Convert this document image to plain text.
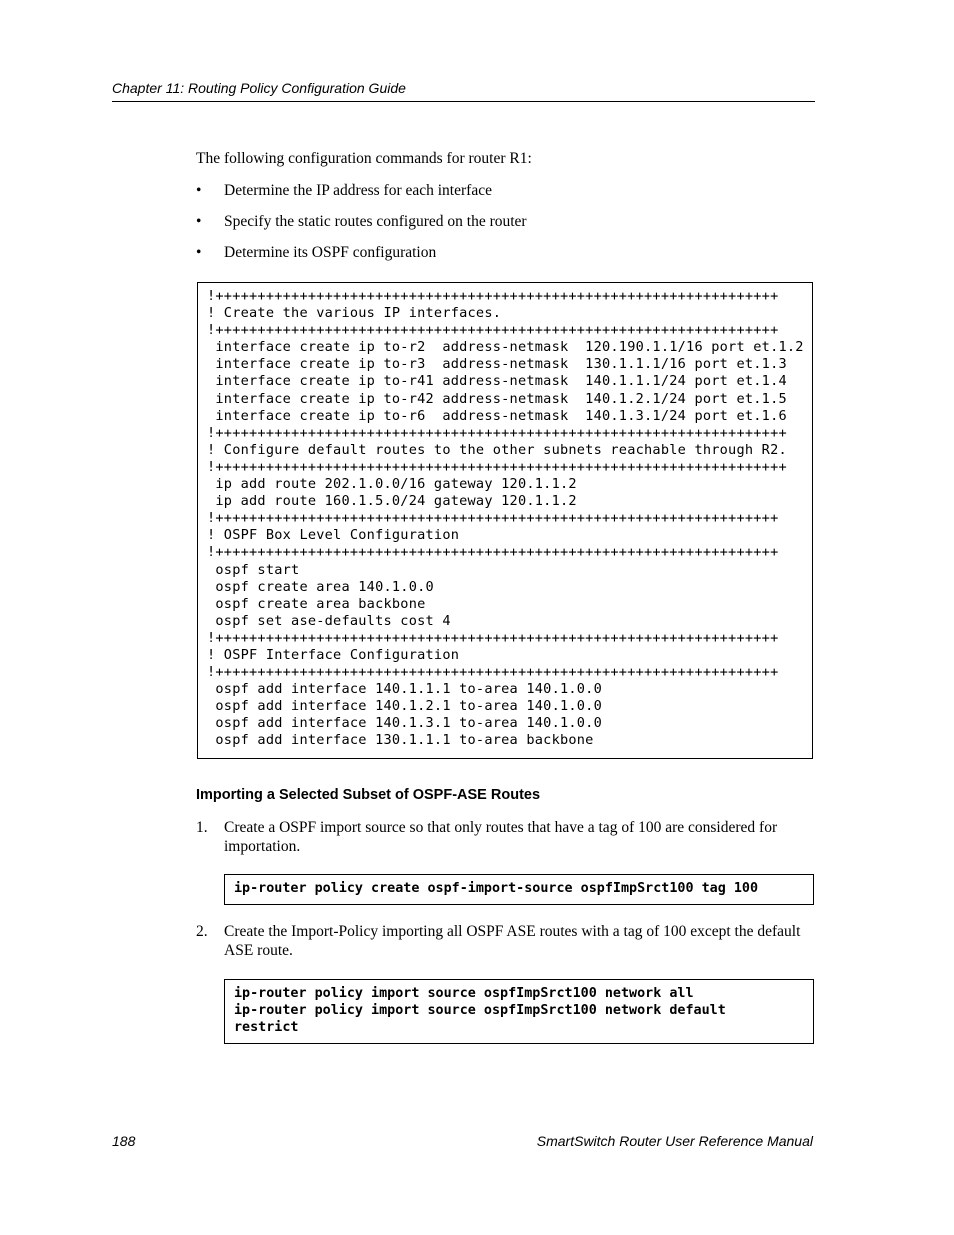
Chapter 11: Routing Policy Configuration Guide
The following configuration commands for router R1:
• Determine the IP address for each interface
• Specify the static routes configured on the router
• Determine its OSPF configuration
!+++++++++++++++++++++++++++++++++++++++++++++++++++++++++++++++++++
! Create the various IP interfaces.
!+++++++++++++++++++++++++++++++++++++++++++++++++++++++++++++++++++
interface create ip to-r2  address-netmask  120.190.1.1/16 port et.1.2
interface create ip to-r3  address-netmask  130.1.1.1/16 port et.1.3
interface create ip to-r41 address-netmask  140.1.1.1/24 port et.1.4
interface create ip to-r42 address-netmask  140.1.2.1/24 port et.1.5
interface create ip to-r6  address-netmask  140.1.3.1/24 port et.1.6
!++++++++++++++++++++++++++++++++++++++++++++++++++++++++++++++++++++
! Configure default routes to the other subnets reachable through R2.
!++++++++++++++++++++++++++++++++++++++++++++++++++++++++++++++++++++
ip add route 202.1.0.0/16 gateway 120.1.1.2
ip add route 160.1.5.0/24 gateway 120.1.1.2
!+++++++++++++++++++++++++++++++++++++++++++++++++++++++++++++++++++
! OSPF Box Level Configuration
!+++++++++++++++++++++++++++++++++++++++++++++++++++++++++++++++++++
ospf start
ospf create area 140.1.0.0
ospf create area backbone
ospf set ase-defaults cost 4
!+++++++++++++++++++++++++++++++++++++++++++++++++++++++++++++++++++
! OSPF Interface Configuration
!+++++++++++++++++++++++++++++++++++++++++++++++++++++++++++++++++++
ospf add interface 140.1.1.1 to-area 140.1.0.0
ospf add interface 140.1.2.1 to-area 140.1.0.0
ospf add interface 140.1.3.1 to-area 140.1.0.0
ospf add interface 130.1.1.1 to-area backbone
Importing a Selected Subset of OSPF-ASE Routes
1. Create a OSPF import source so that only routes that have a tag of 100 are considered for importation.
ip-router policy create ospf-import-source ospfImpSrct100 tag 100
2. Create the Import-Policy importing all OSPF ASE routes with a tag of 100 except the default ASE route.
ip-router policy import source ospfImpSrct100 network all
ip-router policy import source ospfImpSrct100 network default
restrict
188	SmartSwitch Router User Reference Manual
